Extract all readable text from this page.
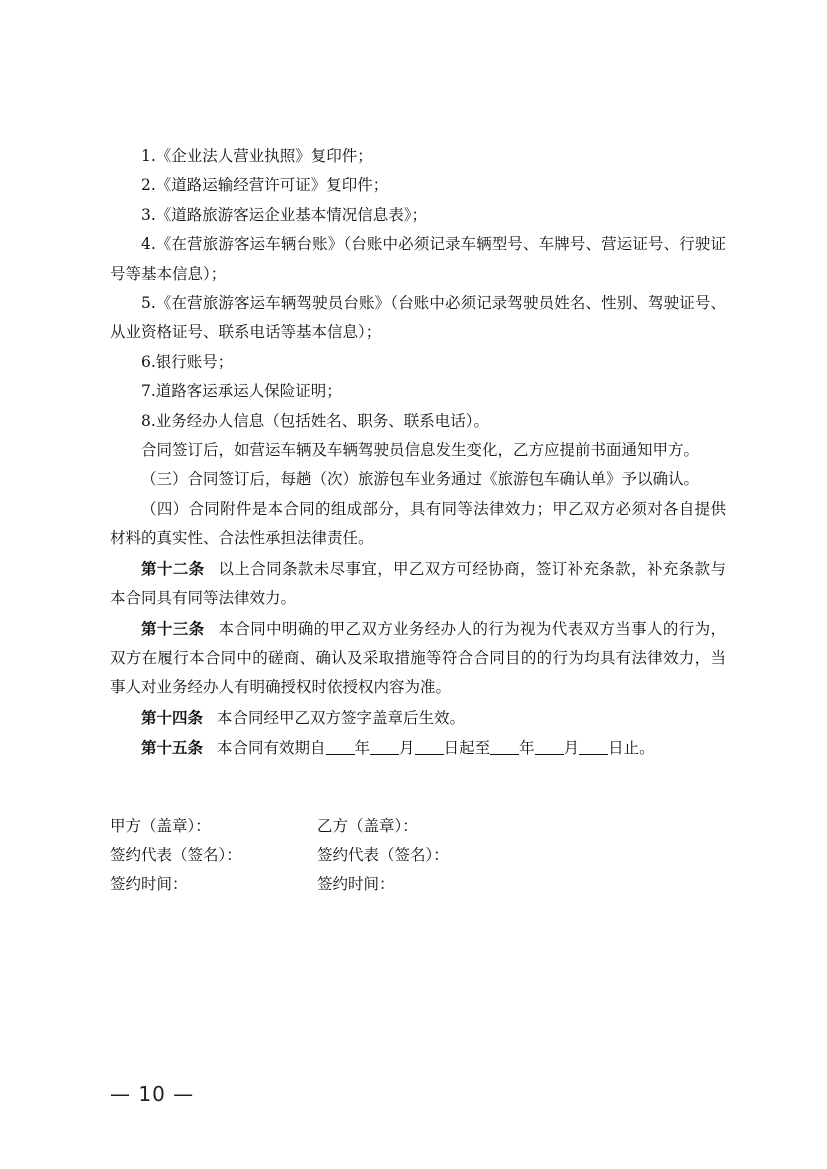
1.《企业法人营业执照》复印件；

2.《道路运输经营许可证》复印件；

3.《道路旅游客运企业基本情况信息表》；

4.《在营旅游客运车辆台账》（台账中必须记录车辆型号、车牌号、营运证号、行驶证号等基本信息）；

5.《在营旅游客运车辆驾驶员台账》（台账中必须记录驾驶员姓名、性别、驾驶证号、从业资格证号、联系电话等基本信息）；

6.银行账号；

7.道路客运承运人保险证明；

8.业务经办人信息（包括姓名、职务、联系电话）。

合同签订后，如营运车辆及车辆驾驶员信息发生变化，乙方应提前书面通知甲方。

（三）合同签订后，每趟（次）旅游包车业务通过《旅游包车确认单》予以确认。

（四）合同附件是本合同的组成部分，具有同等法律效力；甲乙双方必须对各自提供材料的真实性、合法性承担法律责任。

第十二条 以上合同条款未尽事宜，甲乙双方可经协商，签订补充条款，补充条款与本合同具有同等法律效力。

第十三条 本合同中明确的甲乙双方业务经办人的行为视为代表双方当事人的行为，双方在履行本合同中的磋商、确认及采取措施等符合合同目的的行为均具有法律效力，当事人对业务经办人有明确授权时依授权内容为准。

第十四条 本合同经甲乙双方签字盖章后生效。

第十五条 本合同有效期自 年 月 日起至 年 月 日止。

甲方（盖章）：	乙方（盖章）：
签约代表（签名）：	签约代表（签名）：
签约时间：	签约时间：
— 10 —
